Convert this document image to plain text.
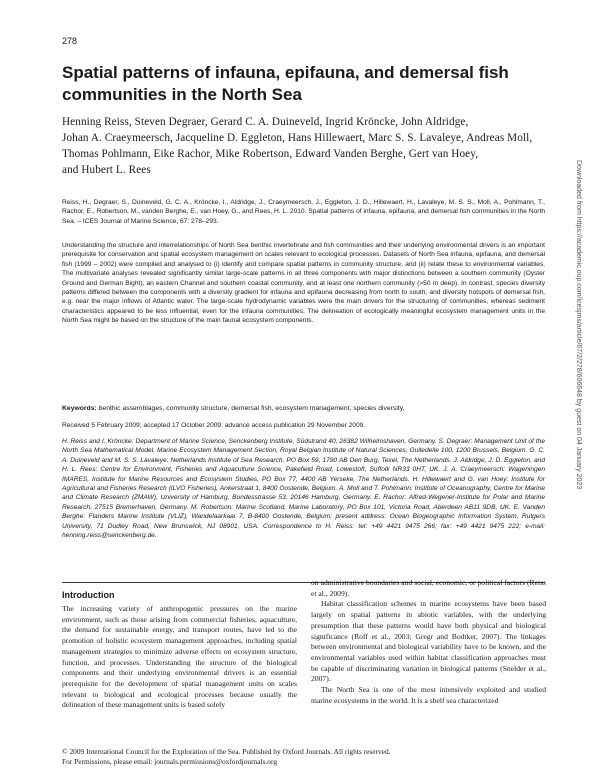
278
Spatial patterns of infauna, epifauna, and demersal fish communities in the North Sea

Henning Reiss, Steven Degraer, Gerard C. A. Duineveld, Ingrid Kröncke, John Aldridge,

Johan A. Craeymeersch, Jacqueline D. Eggleton, Hans Hillewaert, Marc S. S. Lavaleye, Andreas Moll,

Thomas Pohlmann, Eike Rachor, Mike Robertson, Edward Vanden Berghe, Gert van Hoey,

and Hubert L. Rees

Reiss, H., Degraer, S., Duineveld, G. C. A., Kröncke, I., Aldridge, J., Craeymeersch, J., Eggleton, J. D., Hillewaert, H., Lavaleye, M. S. S., Moll, A., Pohlmann, T., Rachor, E., Robertson, M., vanden Berghe, E., van Hoey, G., and Rees, H. L. 2010. Spatial patterns of infauna, epifauna, and demersal fish communities in the North Sea. – ICES Journal of Marine Science, 67: 278–293.
Understanding the structure and interrelationships of North Sea benthic invertebrate and fish communities and their underlying environmental drivers is an important prerequisite for conservation and spatial ecosystem management on scales relevant to ecological processes. Datasets of North Sea infauna, epifauna, and demersal fish (1999 – 2002) were compiled and analysed to (i) identify and compare spatial patterns in community structure, and (ii) relate these to environmental variables. The multivariate analyses revealed significantly similar large-scale patterns in all three components with major distinctions between a southern community (Oyster Ground and German Bight), an eastern Channel and southern coastal community, and at least one northern community (>50 m deep). In contrast, species diversity patterns differed between the components with a diversity gradient for infauna and epifauna decreasing from north to south, and diversity hotspots of demersal fish, e.g. near the major inflows of Atlantic water. The large-scale hydrodynamic variables were the main drivers for the structuring of communities, whereas sediment characteristics appeared to be less influential, even for the infauna communities. The delineation of ecologically meaningful ecosystem management units in the North Sea might be based on the structure of the main faunal ecosystem components.
Keywords: benthic assemblages, community structure, demersal fish, ecosystem management, species diversity.
Received 5 February 2009; accepted 17 October 2009; advance access publication 29 November 2009.
H. Reiss and I. Kröncke: Department of Marine Science, Senckenberg Institute, Südstrand 40, 26382 Wilhelmshaven, Germany. S. Degraer: Management Unit of the North Sea Mathematical Model, Marine Ecosystem Management Section, Royal Belgian Institute of Natural Sciences, Gulledelle 100, 1200 Brussels, Belgium. G. C. A. Duineveld and M. S. S. Lavaleye: Netherlands Institute of Sea Research, PO Box 59, 1790 AB Den Burg, Texel, The Netherlands. J. Aldridge, J. D. Eggleton, and H. L. Rees: Centre for Environment, Fisheries and Aquaculture Science, Pakefield Road, Lowestoft, Suffolk NR33 0HT, UK. J. A. Craeymeersch: Wageningen IMARES, Institute for Marine Resources and Ecosystem Studies, PO Box 77, 4400 AB Yerseke, The Netherlands. H. Hillewaert and G. van Hoey: Institute for Agricultural and Fisheries Research (ILVO Fisheries), Ankerstraat 1, 8400 Oostende, Belgium. A. Moll and T. Pohlmann: Institute of Oceanography, Centre for Marine and Climate Research (ZMAW), University of Hamburg, Bundesstrasse 53, 20146 Hamburg, Germany. E. Rachor: Alfred-Wegener-Institute for Polar and Marine Research, 27515 Bremerhaven, Germany. M. Robertson: Marine Scotland, Marine Laboratory, PO Box 101, Victoria Road, Aberdeen AB11 9DB, UK. E. Vanden Berghe: Flanders Marine Institute (VLIZ), Wandelaarkaai 7, B-8400 Oostende, Belgium; present address: Ocean Biogeographic Information System, Rutgers University, 71 Dudley Road, New Brunswick, NJ 08901, USA. Correspondence to H. Reiss: tel: +49 4421 9475 266; fax: +49 4421 9475 222; e-mail: henning.reiss@senckenberg.de.
Introduction

The increasing variety of anthropogenic pressures on the marine environment, such as those arising from commercial fisheries, aquaculture, the demand for sustainable energy, and transport routes, have led to the promotion of holistic ecosystem management approaches, including spatial management strategies to minimize adverse effects on ecosystem structure, function, and processes. Understanding the structure of the biological components and their underlying environmental drivers is an essential prerequisite for the development of spatial management units on scales relevant to biological and ecological processes because usually the delineation of these management units is based solely

on administrative boundaries and social, economic, or political factors (Reiss et al., 2009).

Habitat classification schemes in marine ecosystems have been based largely on spatial patterns in abiotic variables, with the underlying presumption that these patterns would have both physical and biological significance (Roff et al., 2003; Gregr and Bodtker, 2007). The linkages between environmental and biological variability have to be known, and the environmental variables used within habitat classification approaches must be capable of discriminating variation in biological patterns (Snelder et al., 2007).

The North Sea is one of the most intensively exploited and studied marine ecosystems in the world. It is a shelf sea characterized

© 2009 International Council for the Exploration of the Sea. Published by Oxford Journals. All rights reserved.
For Permissions, please email: journals.permissions@oxfordjournals.org
Downloaded from https://academic.oup.com/icesjms/article/67/2/278/606648 by guest on 04 January 2023
